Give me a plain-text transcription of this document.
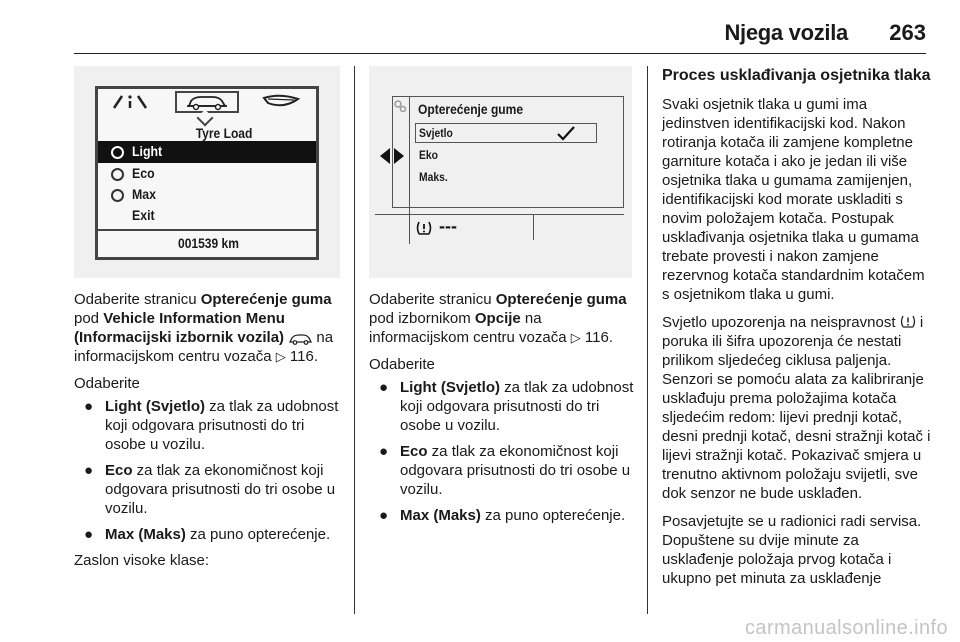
Njega vozila 263
Tyre Load
Light
Eco
Max
Exit
001539 km
Opterećenje gume
Svjetlo
Eko
Maks.
---

Odaberite stranicu Opterećenje guma pod Vehicle Information Menu (Informacijski izbornik vozila)  na informacijskom centru vozača ▷ 116.

Odaberite

● Light (Svjetlo) za tlak za udobnost koji odgovara prisutnosti do tri osobe u vozilu.
● Eco za tlak za ekonomičnost koji odgovara prisutnosti do tri osobe u vozilu.
● Max (Maks) za puno opterećenje.

Zaslon visoke klase:

Odaberite stranicu Opterećenje guma pod izbornikom Opcije na informacijskom centru vozača ▷ 116.

Odaberite

● Light (Svjetlo) za tlak za udobnost koji odgovara prisutnosti do tri osobe u vozilu.
● Eco za tlak za ekonomičnost koji odgovara prisutnosti do tri osobe u vozilu.
● Max (Maks) za puno opterećenje.
Proces usklađivanja osjetnika tlaka

Svaki osjetnik tlaka u gumi ima jedinstven identifikacijski kod. Nakon rotiranja kotača ili zamjene kompletne garniture kotača i ako je jedan ili više osjetnika tlaka u gumama zamijenjen, identifikacijski kod morate uskladiti s novim položajem kotača. Postupak usklađivanja osjetnika tlaka u gumama trebate provesti i nakon zamjene rezervnog kotača standardnim kotačem s osjetnikom tlaka u gumi.

Svjetlo upozorenja na neispravnost  i poruka ili šifra upozorenja će nestati prilikom sljedećeg ciklusa paljenja. Senzori se pomoću alata za kalibriranje usklađuju prema položajima kotača sljedećim redom: lijevi prednji kotač, desni prednji kotač, desni stražnji kotač i lijevi stražnji kotač. Pokazivač smjera u trenutno aktivnom položaju svijetli, sve dok senzor ne bude usklađen.

Posavjetujte se u radionici radi servisa. Dopuštene su dvije minute za usklađenje položaja prvog kotača i ukupno pet minuta za usklađenje

carmanualsonline.info
